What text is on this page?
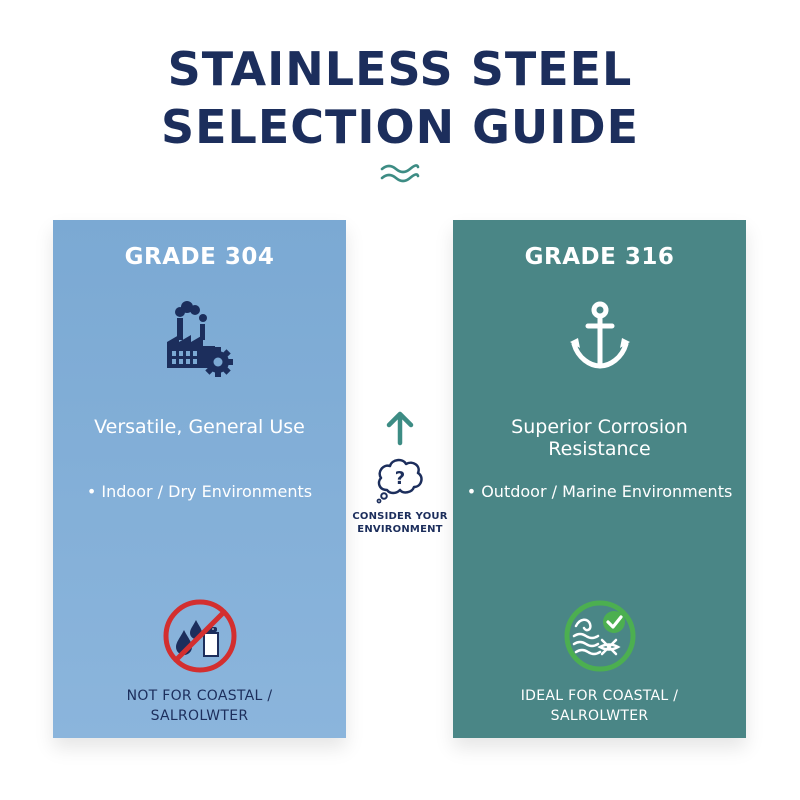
STAINLESS STEEL
SELECTION GUIDE
GRADE 304
Versatile, General Use
• Indoor / Dry Environments
NOT FOR COASTAL /
SALROLWTER
?
CONSIDER YOUR
ENVIRONMENT
GRADE 316
Superior Corrosion
Resistance
• Outdoor / Marine Environments
IDEAL FOR COASTAL /
SALROLWTER
